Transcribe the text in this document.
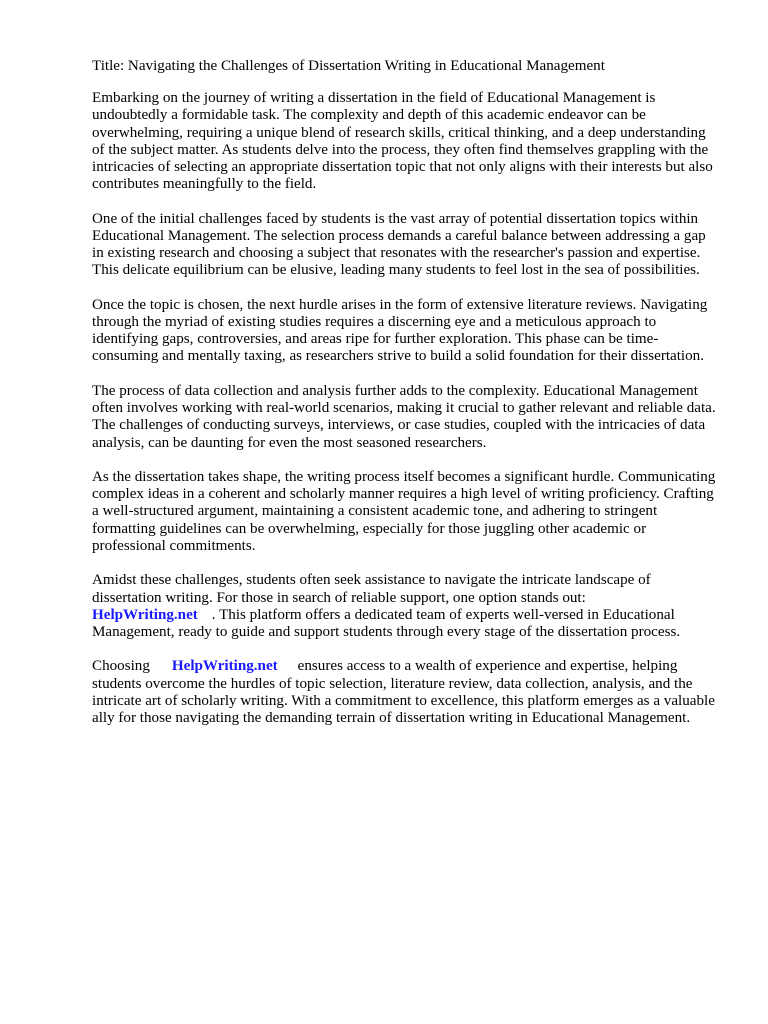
Title: Navigating the Challenges of Dissertation Writing in Educational Management

Embarking on the journey of writing a dissertation in the field of Educational Management is undoubtedly a formidable task. The complexity and depth of this academic endeavor can be overwhelming, requiring a unique blend of research skills, critical thinking, and a deep understanding of the subject matter. As students delve into the process, they often find themselves grappling with the intricacies of selecting an appropriate dissertation topic that not only aligns with their interests but also contributes meaningfully to the field.

One of the initial challenges faced by students is the vast array of potential dissertation topics within Educational Management. The selection process demands a careful balance between addressing a gap in existing research and choosing a subject that resonates with the researcher's passion and expertise. This delicate equilibrium can be elusive, leading many students to feel lost in the sea of possibilities.

Once the topic is chosen, the next hurdle arises in the form of extensive literature reviews. Navigating through the myriad of existing studies requires a discerning eye and a meticulous approach to identifying gaps, controversies, and areas ripe for further exploration. This phase can be time-consuming and mentally taxing, as researchers strive to build a solid foundation for their dissertation.

The process of data collection and analysis further adds to the complexity. Educational Management often involves working with real-world scenarios, making it crucial to gather relevant and reliable data. The challenges of conducting surveys, interviews, or case studies, coupled with the intricacies of data analysis, can be daunting for even the most seasoned researchers.

As the dissertation takes shape, the writing process itself becomes a significant hurdle. Communicating complex ideas in a coherent and scholarly manner requires a high level of writing proficiency. Crafting a well-structured argument, maintaining a consistent academic tone, and adhering to stringent formatting guidelines can be overwhelming, especially for those juggling other academic or professional commitments.

Amidst these challenges, students often seek assistance to navigate the intricate landscape of dissertation writing. For those in search of reliable support, one option stands out:
HelpWriting.net . This platform offers a dedicated team of experts well-versed in Educational Management, ready to guide and support students through every stage of the dissertation process.

Choosing HelpWriting.net ensures access to a wealth of experience and expertise, helping students overcome the hurdles of topic selection, literature review, data collection, analysis, and the intricate art of scholarly writing. With a commitment to excellence, this platform emerges as a valuable ally for those navigating the demanding terrain of dissertation writing in Educational Management.
